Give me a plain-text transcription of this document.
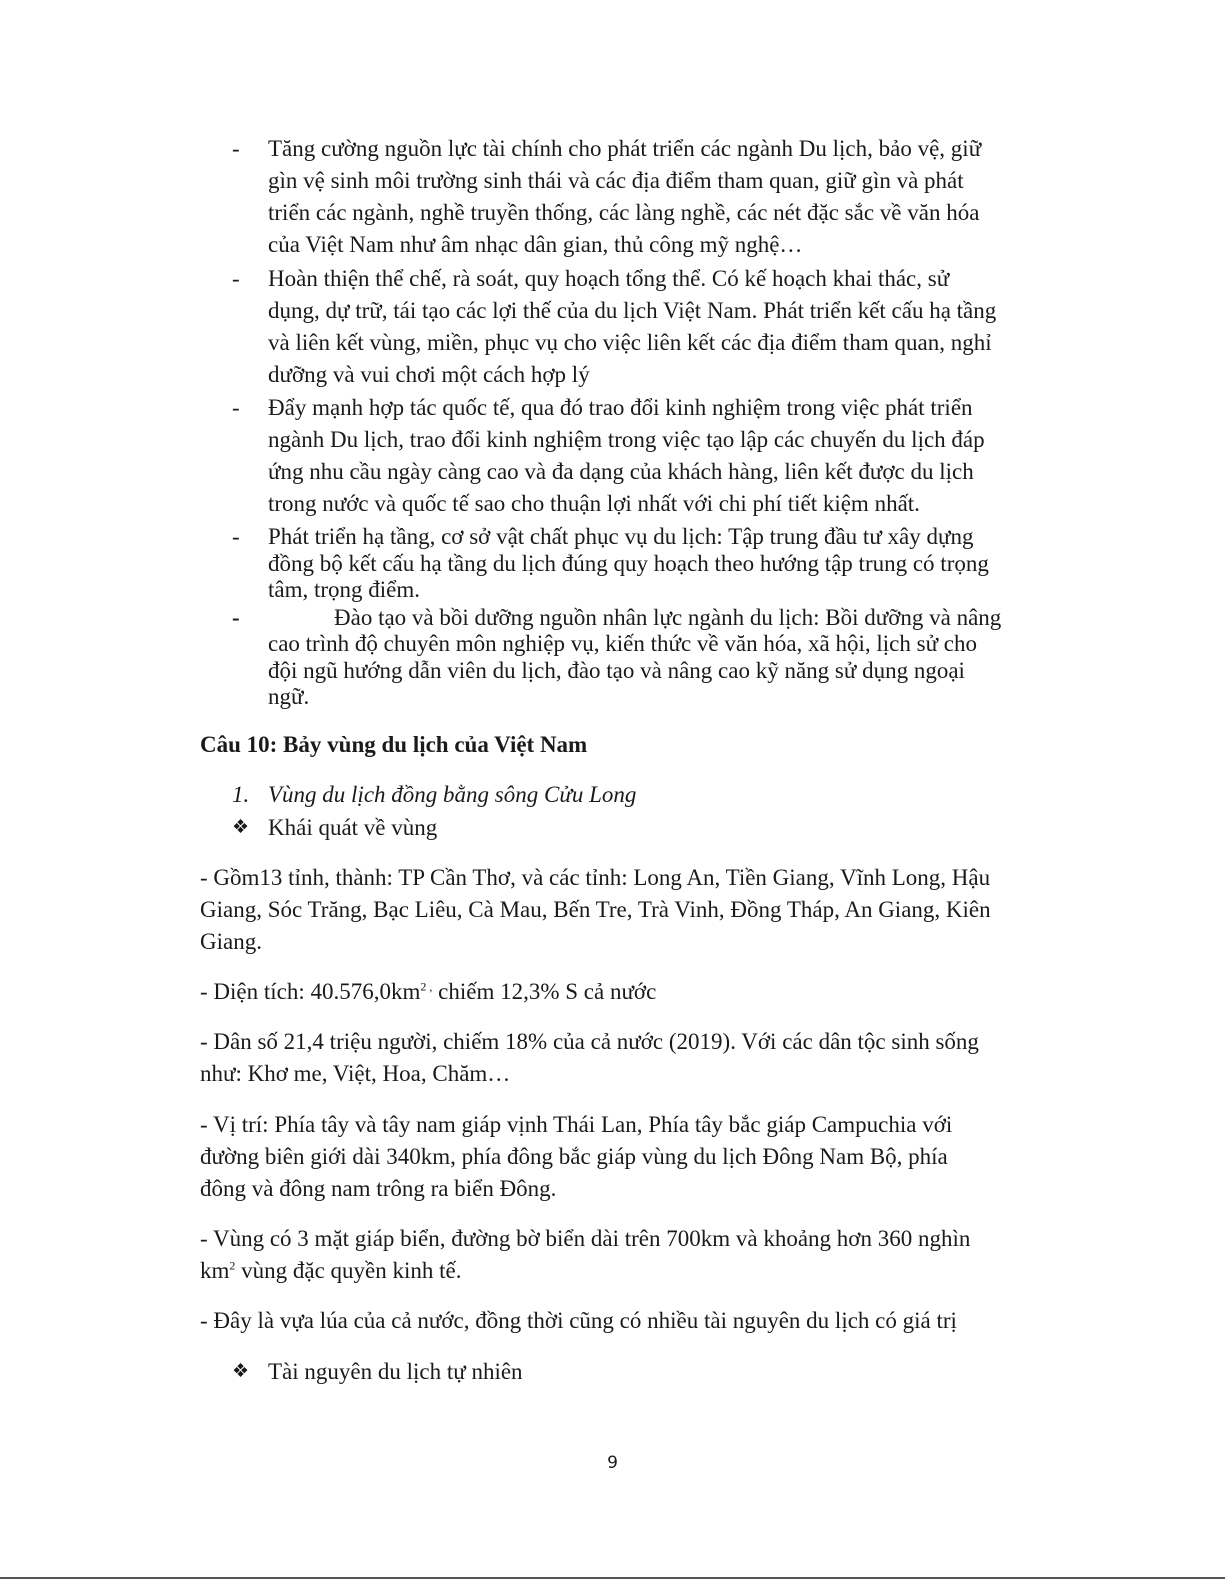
-	Tăng cường nguồn lực tài chính cho phát triển các ngành Du lịch, bảo vệ, giữ
gìn vệ sinh môi trường sinh thái và các địa điểm tham quan, giữ gìn và phát
triển các ngành, nghề truyền thống, các làng nghề, các nét đặc sắc về văn hóa
của Việt Nam như âm nhạc dân gian, thủ công mỹ nghệ…
-	Hoàn thiện thể chế, rà soát, quy hoạch tổng thể. Có kế hoạch khai thác, sử
dụng, dự trữ, tái tạo các lợi thế của du lịch Việt Nam. Phát triển kết cấu hạ tầng
và liên kết vùng, miền, phục vụ cho việc liên kết các địa điểm tham quan, nghỉ
dưỡng và vui chơi một cách hợp lý
-	Đẩy mạnh hợp tác quốc tế, qua đó trao đổi kinh nghiệm trong việc phát triển
ngành Du lịch, trao đổi kinh nghiệm trong việc tạo lập các chuyến du lịch đáp
ứng nhu cầu ngày càng cao và đa dạng của khách hàng, liên kết được du lịch
trong nước và quốc tế sao cho thuận lợi nhất với chi phí tiết kiệm nhất.
-	Phát triển hạ tầng, cơ sở vật chất phục vụ du lịch: Tập trung đầu tư xây dựng
đồng bộ kết cấu hạ tầng du lịch đúng quy hoạch theo hướng tập trung có trọng
tâm, trọng điểm.
-	Đào tạo và bồi dưỡng nguồn nhân lực ngành du lịch: Bồi dưỡng và nâng
cao trình độ chuyên môn nghiệp vụ, kiến thức về văn hóa, xã hội, lịch sử cho
đội ngũ hướng dẫn viên du lịch, đào tạo và nâng cao kỹ năng sử dụng ngoại
ngữ.
Câu 10: Bảy vùng du lịch của Việt Nam
1. Vùng du lịch đồng bằng sông Cửu Long
❖ Khái quát về vùng
- Gồm13 tỉnh, thành: TP Cần Thơ, và các tỉnh: Long An, Tiền Giang, Vĩnh Long, Hậu
Giang, Sóc Trăng, Bạc Liêu, Cà Mau, Bến Tre, Trà Vinh, Đồng Tháp, An Giang, Kiên
Giang.
- Diện tích: $40.576,0km^{2 ,}$ chiếm 12,3% S cả nước
- Dân số 21,4 triệu người, chiếm 18% của cả nước (2019). Với các dân tộc sinh sống
như: Khơ me, Việt, Hoa, Chăm…
- Vị trí: Phía tây và tây nam giáp vịnh Thái Lan, Phía tây bắc giáp Campuchia với
đường biên giới dài 340km, phía đông bắc giáp vùng du lịch Đông Nam Bộ, phía
đông và đông nam trông ra biển Đông.
- Vùng có 3 mặt giáp biển, đường bờ biển dài trên 700km và khoảng hơn 360 nghìn
$km^2$ vùng đặc quyền kinh tế.
- Đây là vựa lúa của cả nước, đồng thời cũng có nhiều tài nguyên du lịch có giá trị
❖ Tài nguyên du lịch tự nhiên
9
